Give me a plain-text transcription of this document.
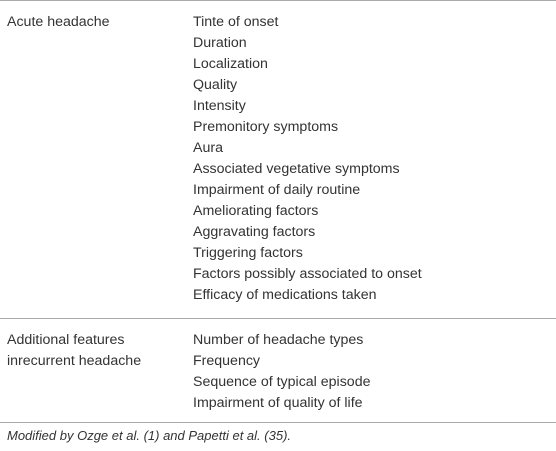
Acute headache	Tinte of onset
Duration
Localization
Quality
Intensity
Premonitory symptoms
Aura
Associated vegetative symptoms
Impairment of daily routine
Ameliorating factors
Aggravating factors
Triggering factors
Factors possibly associated to onset
Efficacy of medications taken
Additional features
inrecurrent headache
Number of headache types
Frequency
Sequence of typical episode
Impairment of quality of life
Modified by Ozge et al. (1) and Papetti et al. (35).
